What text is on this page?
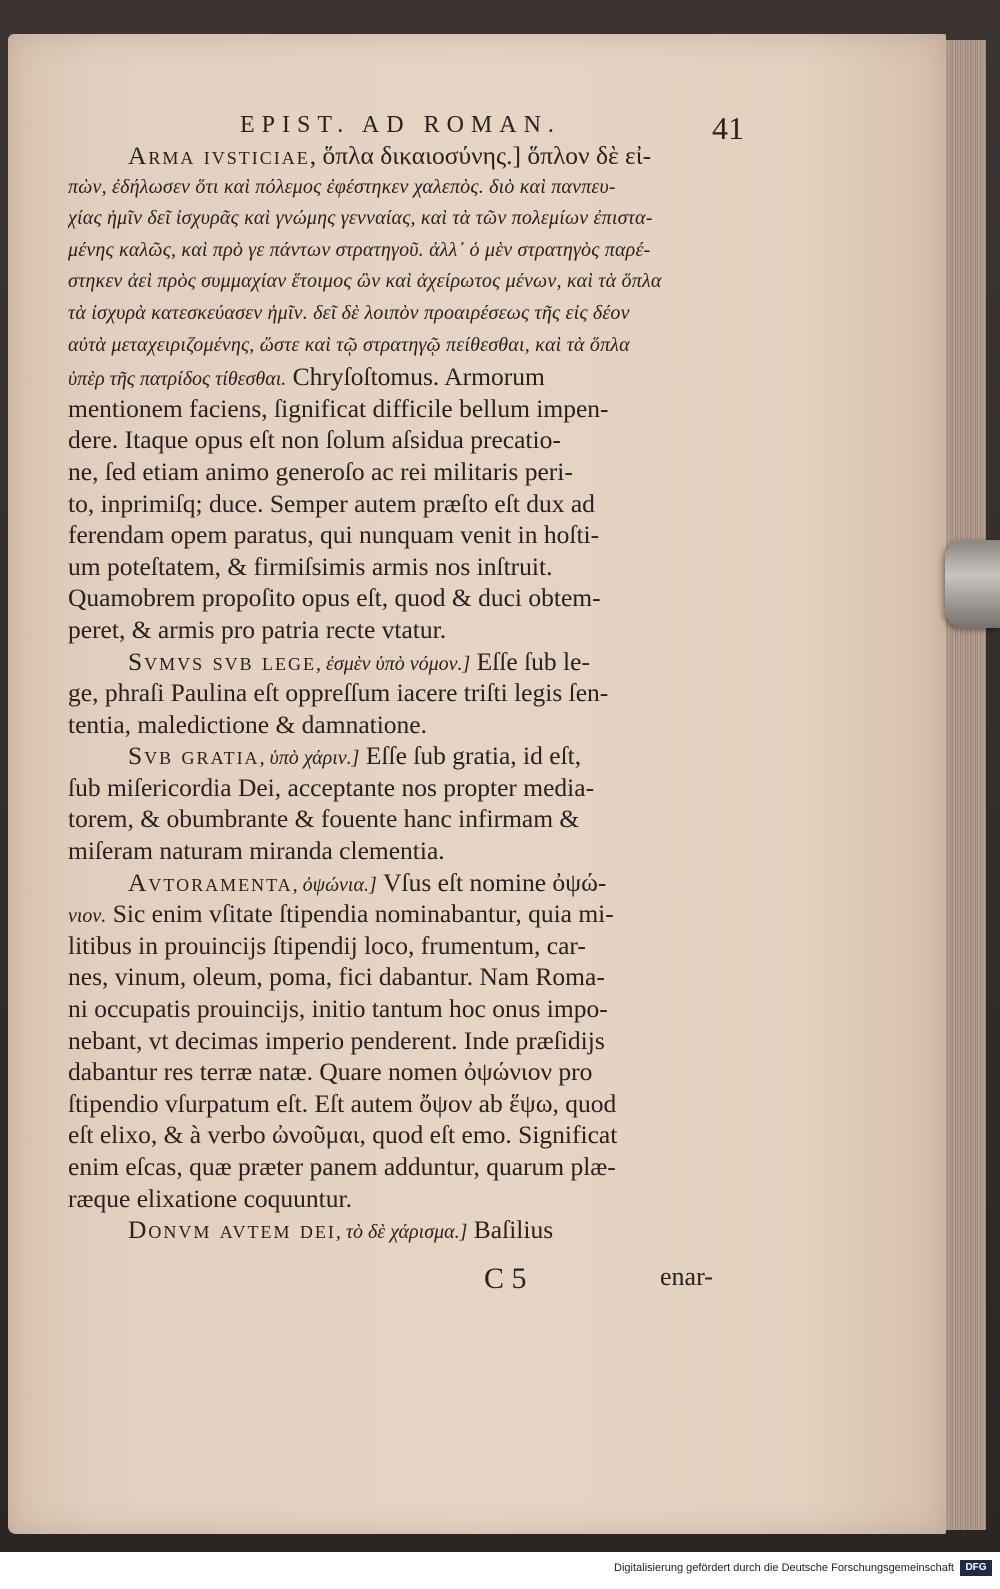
EPIST. AD ROMAN.	41
Arma ivsticiae, ὅπλα δικαιοσύνης.] ὅπλον δὲ εἰ-
πὼν, ἐδήλωσεν ὅτι καὶ πόλεμος ἐφέστηκεν χαλεπὸς. διὸ καὶ πανπευ-
χίας ἡμῖν δεῖ ἰσχυρᾶς καὶ γνώμης γενναίας, καὶ τὰ τῶν πολεμίων ἐπιστα-
μένης καλῶς, καὶ πρὸ γε πάντων στρατηγοῦ. ἀλλ᾽ ὁ μὲν στρατηγὸς παρέ-
στηκεν ἀεὶ πρὸς συμμαχίαν ἕτοιμος ὢν καὶ ἀχείρωτος μένων, καὶ τὰ ὅπλα
τὰ ἰσχυρὰ κατεσκεύασεν ἡμῖν. δεῖ δὲ λοιπὸν προαιρέσεως τῆς εἰς δέον
αὐτὰ μεταχειριζομένης, ὥστε καὶ τῷ στρατηγῷ πείθεσθαι, καὶ τὰ ὅπλα
ὑπὲρ τῆς πατρίδος τίθεσθαι. Chryſoſtomus. Armorum
mentionem faciens, ſignificat difficile bellum impen-
dere. Itaque opus eſt non ſolum aſsidua precatio-
ne, ſed etiam animo generoſo ac rei militaris peri-
to, inprimiſq; duce. Semper autem præſto eſt dux ad
ferendam opem paratus, qui nunquam venit in hoſti-
um poteſtatem, & firmiſsimis armis nos inſtruit.
Quamobrem propoſito opus eſt, quod & duci obtem-
peret, & armis pro patria recte vtatur.
Svmvs svb lege, ἐσμὲν ὑπὸ νόμον.] Eſſe ſub le-
ge, phraſi Paulina eſt oppreſſum iacere triſti legis ſen-
tentia, maledictione & damnatione.
Svb gratia, ὑπὸ χάριν.] Eſſe ſub gratia, id eſt,
ſub miſericordia Dei, acceptante nos propter media-
torem, & obumbrante & fouente hanc infirmam &
miſeram naturam miranda clementia.
Avtoramenta, ὀψώνια.] Vſus eſt nomine ὀψώ-
νιον. Sic enim vſitate ſtipendia nominabantur, quia mi-
litibus in prouincijs ſtipendij loco, frumentum, car-
nes, vinum, oleum, poma, fici dabantur. Nam Roma-
ni occupatis prouincijs, initio tantum hoc onus impo-
nebant, vt decimas imperio penderent. Inde præſidijs
dabantur res terræ natæ. Quare nomen ὀψώνιον pro
ſtipendio vſurpatum eſt. Eſt autem ὄψον ab ἕψω, quod
eſt elixo, & à verbo ὠνοῦμαι, quod eſt emo. Significat
enim eſcas, quæ præter panem adduntur, quarum plæ-
ræque elixatione coquuntur.
Donvm avtem dei, τὸ δὲ χάρισμα.] Baſilius
C 5	enar-
Digitalisierung gefördert durch die Deutsche Forschungsgemeinschaft	DFG
